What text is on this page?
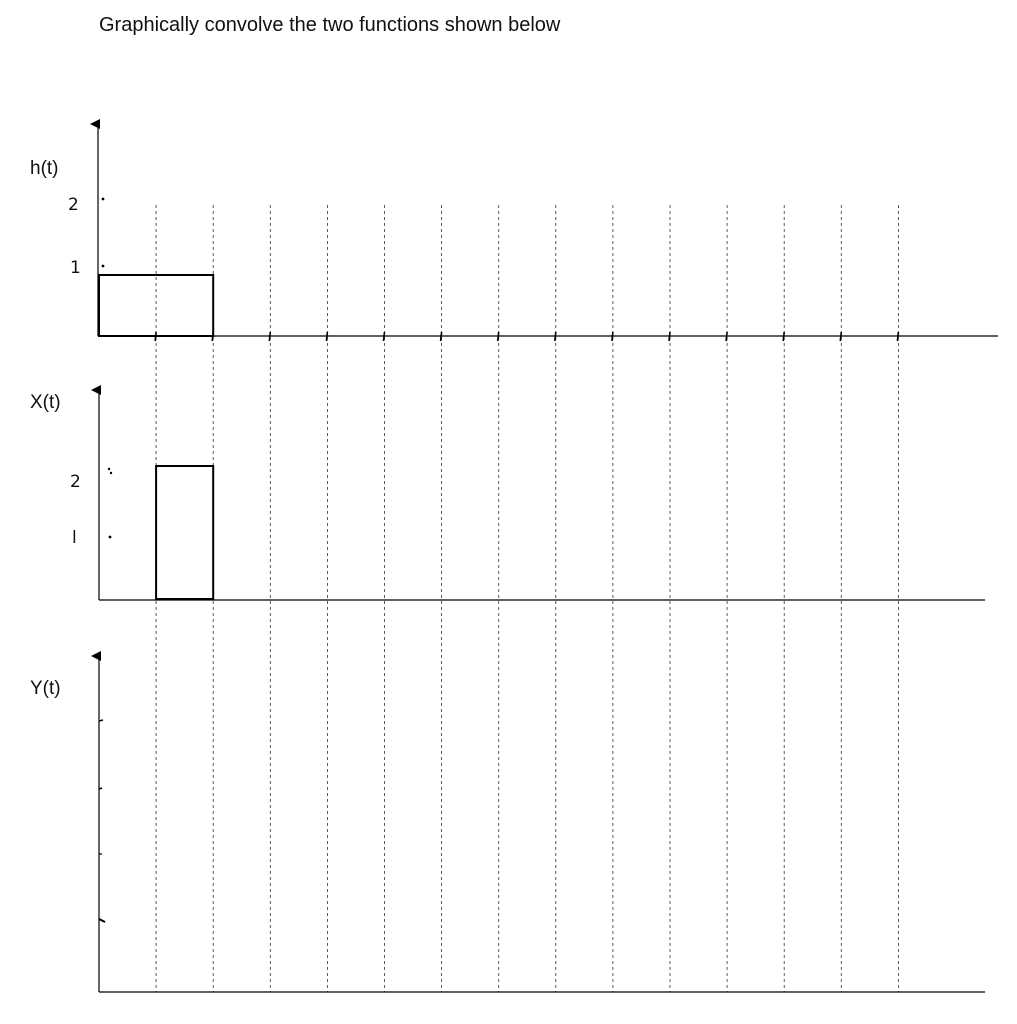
Graphically convolve the two functions shown below
h(t)
X(t)
Y(t)
2
1
2
l
